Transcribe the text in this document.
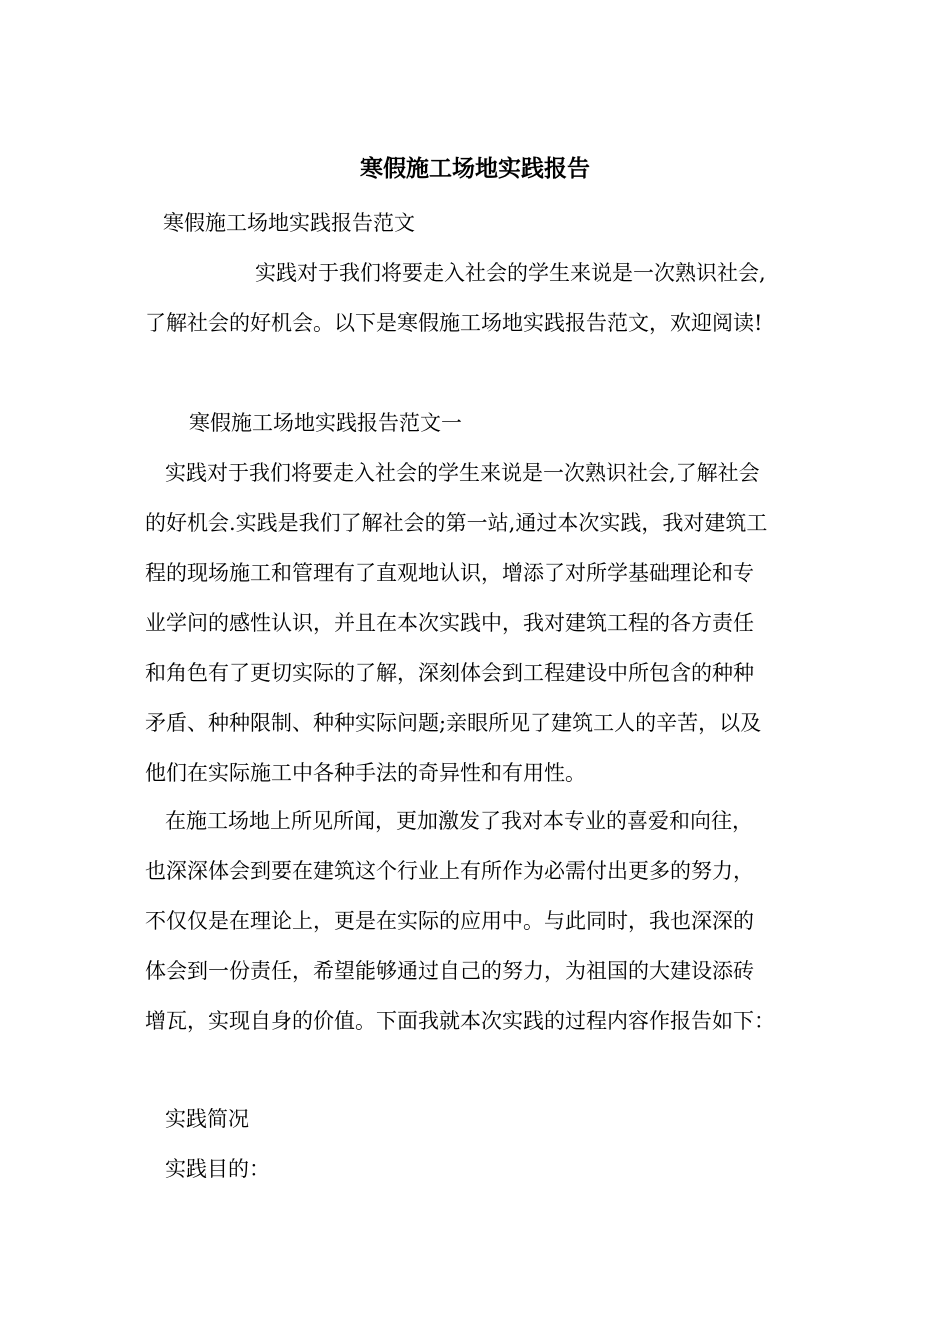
寒假施工场地实践报告

寒假施工场地实践报告范文

实践对于我们将要走入社会的学生来说是一次熟识社会,

了解社会的好机会。以下是寒假施工场地实践报告范文，欢迎阅读!

寒假施工场地实践报告范文一

实践对于我们将要走入社会的学生来说是一次熟识社会,了解社会

的好机会.实践是我们了解社会的第一站,通过本次实践，我对建筑工

程的现场施工和管理有了直观地认识，增添了对所学基础理论和专

业学问的感性认识，并且在本次实践中，我对建筑工程的各方责任

和角色有了更切实际的了解，深刻体会到工程建设中所包含的种种

矛盾、种种限制、种种实际问题;亲眼所见了建筑工人的辛苦，以及

他们在实际施工中各种手法的奇异性和有用性。

在施工场地上所见所闻，更加激发了我对本专业的喜爱和向往，

也深深体会到要在建筑这个行业上有所作为必需付出更多的努力，

不仅仅是在理论上，更是在实际的应用中。与此同时，我也深深的

体会到一份责任，希望能够通过自己的努力，为祖国的大建设添砖

增瓦，实现自身的价值。下面我就本次实践的过程内容作报告如下：

实践简况

实践目的：
